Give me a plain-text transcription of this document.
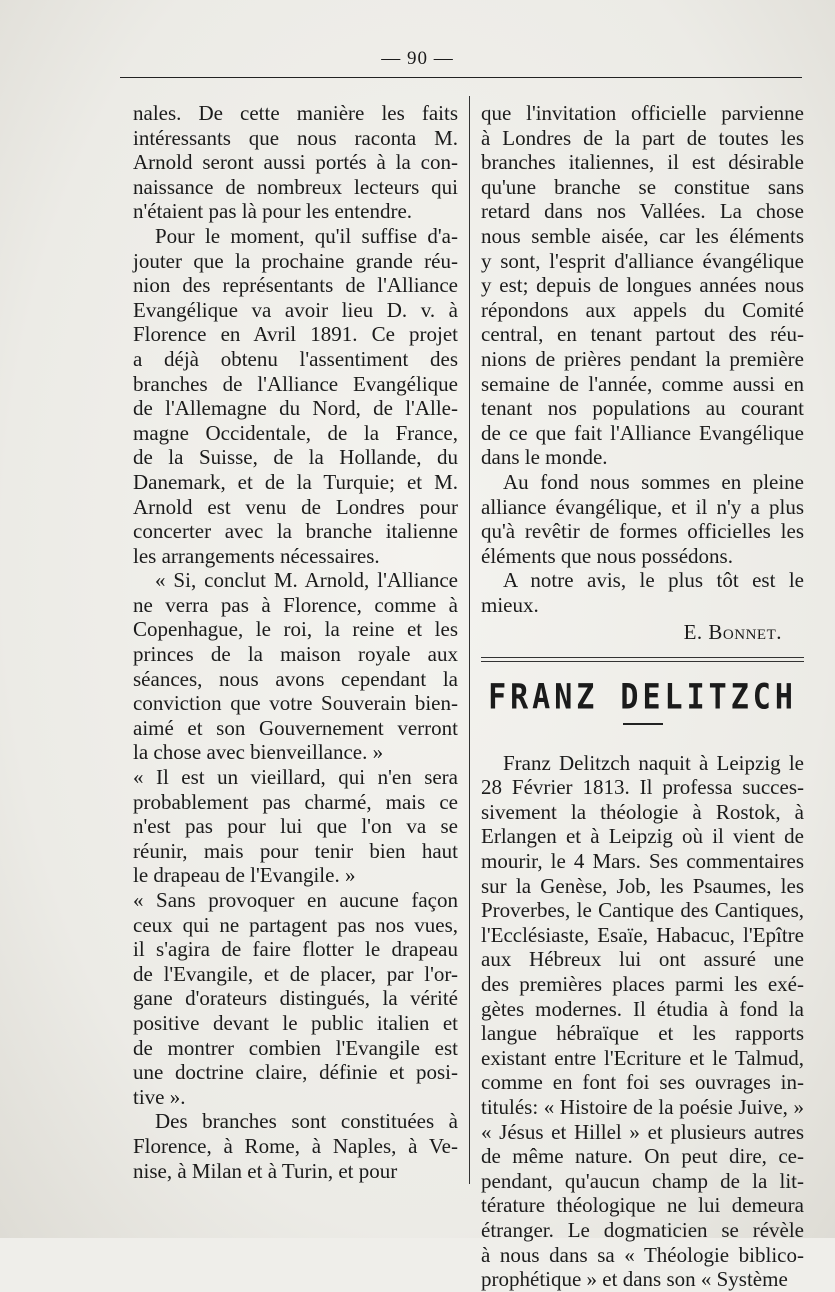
— 90 —

nales. De cette manière les faits
intéressants que nous raconta M.
Arnold seront aussi portés à la con-
naissance de nombreux lecteurs qui
n'étaient pas là pour les entendre.

Pour le moment, qu'il suffise d'a-
jouter que la prochaine grande réu-
nion des représentants de l'Alliance
Evangélique va avoir lieu D. v. à
Florence en Avril 1891. Ce projet
a déjà obtenu l'assentiment des
branches de l'Alliance Evangélique
de l'Allemagne du Nord, de l'Alle-
magne Occidentale, de la France,
de la Suisse, de la Hollande, du
Danemark, et de la Turquie; et M.
Arnold est venu de Londres pour
concerter avec la branche italienne
les arrangements nécessaires.

« Si, conclut M. Arnold, l'Alliance
ne verra pas à Florence, comme à
Copenhague, le roi, la reine et les
princes de la maison royale aux
séances, nous avons cependant la
conviction que votre Souverain bien-
aimé et son Gouvernement verront
la chose avec bienveillance. »

« Il est un vieillard, qui n'en sera
probablement pas charmé, mais ce
n'est pas pour lui que l'on va se
réunir, mais pour tenir bien haut
le drapeau de l'Evangile. »

« Sans provoquer en aucune façon
ceux qui ne partagent pas nos vues,
il s'agira de faire flotter le drapeau
de l'Evangile, et de placer, par l'or-
gane d'orateurs distingués, la vérité
positive devant le public italien et
de montrer combien l'Evangile est
une doctrine claire, définie et posi-
tive ».

Des branches sont constituées à
Florence, à Rome, à Naples, à Ve-
nise, à Milan et à Turin, et pour

que l'invitation officielle parvienne
à Londres de la part de toutes les
branches italiennes, il est désirable
qu'une branche se constitue sans
retard dans nos Vallées. La chose
nous semble aisée, car les éléments
y sont, l'esprit d'alliance évangélique
y est; depuis de longues années nous
répondons aux appels du Comité
central, en tenant partout des réu-
nions de prières pendant la première
semaine de l'année, comme aussi en
tenant nos populations au courant
de ce que fait l'Alliance Evangélique
dans le monde.

Au fond nous sommes en pleine
alliance évangélique, et il n'y a plus
qu'à revêtir de formes officielles les
éléments que nous possédons.

A notre avis, le plus tôt est le
mieux.

E. Bonnet.
FRANZ DELITZCH
Franz Delitzch naquit à Leipzig le
28 Février 1813. Il professa succes-
sivement la théologie à Rostok, à
Erlangen et à Leipzig où il vient de
mourir, le 4 Mars. Ses commentaires
sur la Genèse, Job, les Psaumes, les
Proverbes, le Cantique des Cantiques,
l'Ecclésiaste, Esaïe, Habacuc, l'Epître
aux Hébreux lui ont assuré une
des premières places parmi les exé-
gètes modernes. Il étudia à fond la
langue hébraïque et les rapports
existant entre l'Ecriture et le Talmud,
comme en font foi ses ouvrages in-
titulés: « Histoire de la poésie Juive, »
« Jésus et Hillel » et plusieurs autres
de même nature. On peut dire, ce-
pendant, qu'aucun champ de la lit-
térature théologique ne lui demeura
étranger. Le dogmaticien se révèle
à nous dans sa « Théologie biblico-
prophétique » et dans son « Système
